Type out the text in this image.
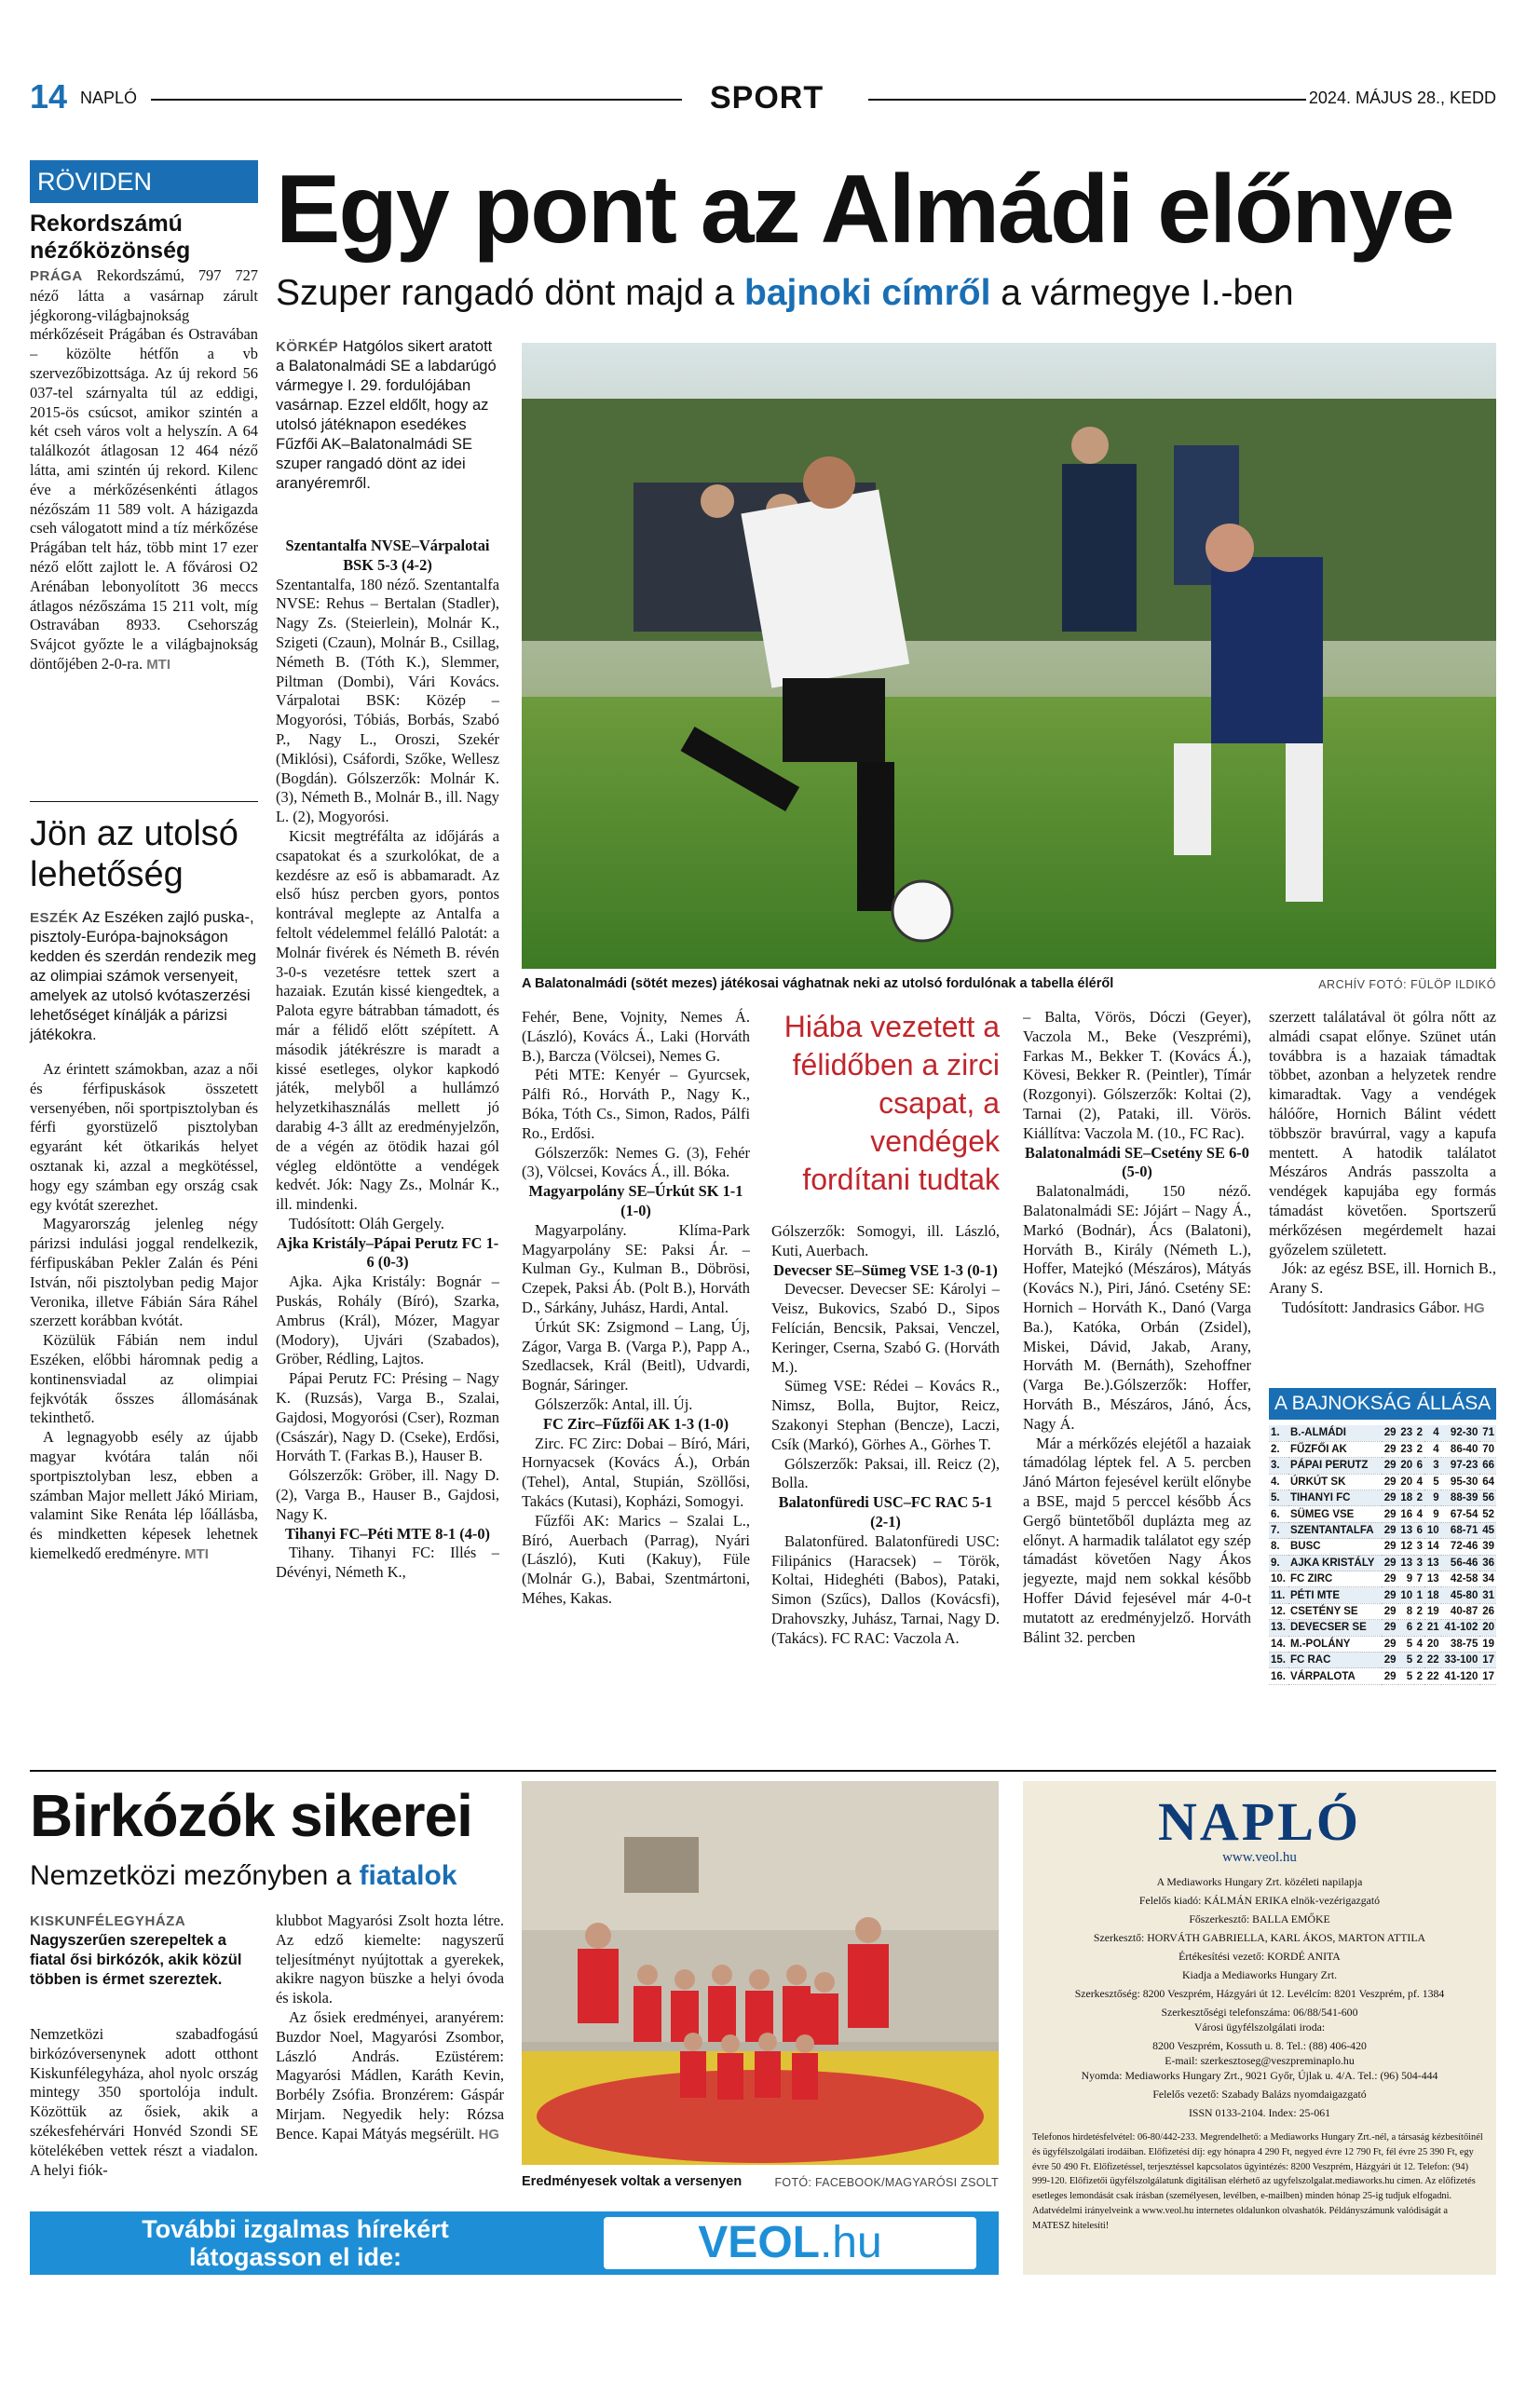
14 NAPLÓ	SPORT	2024. MÁJUS 28., KEDD
RÖVIDEN
Rekordszámú nézőközönség

PRÁGA Rekordszámú, 797 727 néző látta a vasárnap zárult jégkorong-világbajnokság mérkőzéseit Prágában és Ostravában – közölte hétfőn a vb szervezőbizottsága. Az új rekord 56 037-tel szárnyalta túl az eddigi, 2015-ös csúcsot, amikor szintén a két cseh város volt a helyszín. A 64 találkozót átlagosan 12 464 néző látta, ami szintén új rekord. Kilenc éve a mérkőzésenkénti átlagos nézőszám 11 589 volt. A házigazda cseh válogatott mind a tíz mérkőzése Prágában telt ház, több mint 17 ezer néző előtt zajlott le. A fővárosi O2 Arénában lebonyolított 36 meccs átlagos nézőszáma 15 211 volt, míg Ostravában 8933. Csehország Svájcot győzte le a világbajnokság döntőjében 2-0-ra. MTI

Jön az utolsó lehetőség
ESZÉK Az Eszéken zajló puska-, pisztoly-Európa-bajnokságon kedden és szerdán rendezik meg az olimpiai számok versenyeit, amelyek az utolsó kvótaszerzési lehetőséget kínálják a párizsi játékokra.

Az érintett számokban, azaz a női és férfipuskások összetett versenyében, női sportpisztolyban és férfi gyorstüzelő pisztolyban egyaránt két ötkarikás helyet osztanak ki, azzal a megkötéssel, hogy egy számban egy ország csak egy kvótát szerezhet.

Magyarország jelenleg négy párizsi indulási joggal rendelkezik, férfipuskában Pekler Zalán és Péni István, női pisztolyban pedig Major Veronika, illetve Fábián Sára Ráhel szerzett korábban kvótát.

Közülük Fábián nem indul Eszéken, előbbi háromnak pedig a kontinensviadal az olimpiai fejkvóták ősszes állomásának tekinthető.

A legnagyobb esély az újabb magyar kvótára talán női sportpisztolyban lesz, ebben a számban Major mellett Jákó Miriam, valamint Sike Renáta lép lőállásba, és mindketten képesek lehetnek kiemelkedő eredményre. MTI

Egy pont az Almádi előnye
Szuper rangadó dönt majd a bajnoki címről a vármegye I.-ben
KÖRKÉP Hatgólos sikert aratott a Balatonalmádi SE a labdarúgó vármegye I. 29. fordulójában vasárnap. Ezzel eldőlt, hogy az utolsó játéknapon esedékes Fűzfői AK–Balatonalmádi SE szuper rangadó dönt az idei aranyéremről.

Szentantalfa NVSE–Várpalotai BSK 5-3 (4-2)

Szentantalfa, 180 néző. Szentantalfa NVSE: Rehus – Bertalan (Stadler), Nagy Zs. (Steierlein), Molnár K., Szigeti (Czaun), Molnár B., Csillag, Németh B. (Tóth K.), Slemmer, Piltman (Dombi), Vári Kovács. Várpalotai BSK: Közép – Mogyorósi, Tóbiás, Borbás, Szabó P., Nagy L., Oroszi, Szekér (Miklósi), Csáfordi, Szőke, Wellesz (Bogdán). Gólszerzők: Molnár K. (3), Németh B., Molnár B., ill. Nagy L. (2), Mogyorósi.

Kicsit megtréfálta az időjárás a csapatokat és a szurkolókat, de a kezdésre az eső is abbamaradt. Az első húsz percben gyors, pontos kontrával meglepte az Antalfa a feltolt védelemmel felálló Palotát: a Molnár fivérek és Németh B. révén 3-0-s vezetésre tettek szert a hazaiak. Ezután kissé kiengedtek, a Palota egyre bátrabban támadott, és már a félidő előtt szépített. A második játékrészre is maradt a kissé esetleges, olykor kapkodó játék, melyből a hullámzó helyzetkihasználás mellett jó darabig 4-3 állt az eredményjelzőn, de a végén az ötödik hazai gól végleg eldöntötte a vendégek kedvét. Jók: Nagy Zs., Molnár K., ill. mindenki.

Tudósított: Oláh Gergely.

Ajka Kristály–Pápai Perutz FC 1-6 (0-3)

Ajka. Ajka Kristály: Bognár – Puskás, Rohály (Bíró), Szarka, Ambrus (Král), Mózer, Magyar (Modory), Ujvári (Szabados), Gröber, Rédling, Lajtos.

Pápai Perutz FC: Présing – Nagy K. (Ruzsás), Varga B., Szalai, Gajdosi, Mogyorósi (Cser), Rozman (Császár), Nagy D. (Cseke), Erdősi, Horváth T. (Farkas B.), Hauser B.

Gólszerzők: Gröber, ill. Nagy D. (2), Varga B., Hauser B., Gajdosi, Nagy K.

Tihanyi FC–Péti MTE 8-1 (4-0)

Tihany. Tihanyi FC: Illés – Dévényi, Németh K.,

A Balatonalmádi (sötét mezes) játékosai vághatnak neki az utolsó fordulónak a tabella éléről	ARCHÍV FOTÓ: FÜLÖP ILDIKÓ

Fehér, Bene, Vojnity, Nemes Á. (László), Kovács Á., Laki (Horváth B.), Barcza (Völcsei), Nemes G.

Péti MTE: Kenyér – Gyurcsek, Pálfi Ró., Horváth P., Nagy K., Bóka, Tóth Cs., Simon, Rados, Pálfi Ro., Erdősi.

Gólszerzők: Nemes G. (3), Fehér (3), Völcsei, Kovács Á., ill. Bóka.

Magyarpolány SE–Úrkút SK 1-1 (1-0)

Magyarpolány. Klíma-Park Magyarpolány SE: Paksi Ár. – Kulman Gy., Kulman B., Döbrösi, Czepek, Paksi Áb. (Polt B.), Horváth D., Sárkány, Juhász, Hardi, Antal.

Úrkút SK: Zsigmond – Lang, Új, Zágor, Varga B. (Varga P.), Papp A., Szedlacsek, Král (Beitl), Udvardi, Bognár, Sáringer.

Gólszerzők: Antal, ill. Új.

FC Zirc–Fűzfői AK 1-3 (1-0)

Zirc. FC Zirc: Dobai – Bíró, Mári, Hornyacsek (Kovács Á.), Orbán (Tehel), Antal, Stupián, Szöllősi, Takács (Kutasi), Kopházi, Somogyi.

Fűzfői AK: Marics – Szalai L., Bíró, Auerbach (Parrag), Nyári (László), Kuti (Kakuy), Füle (Molnár G.), Babai, Szentmártoni, Méhes, Kakas.

Hiába vezetett a félidőben a zirci csapat, a vendégek fordítani tudtak

Gólszerzők: Somogyi, ill. László, Kuti, Auerbach.

Devecser SE–Sümeg VSE 1-3 (0-1)

Devecser. Devecser SE: Károlyi – Veisz, Bukovics, Szabó D., Sipos Felícián, Bencsik, Paksai, Venczel, Keringer, Cserna, Szabó G. (Horváth M.).

Sümeg VSE: Rédei – Kovács R., Nimsz, Bolla, Bujtor, Reicz, Szakonyi Stephan (Bencze), Laczi, Csík (Markó), Görhes A., Görhes T.

Gólszerzők: Paksai, ill. Reicz (2), Bolla.

Balatonfüredi USC–FC RAC 5-1 (2-1)

Balatonfüred. Balatonfüredi USC: Filipánics (Haracsek) – Török, Koltai, Hideghéti (Babos), Pataki, Simon (Szűcs), Dallos (Kovácsfi), Drahovszky, Juhász, Tarnai, Nagy D. (Takács). FC RAC: Vaczola A.

– Balta, Vörös, Dóczi (Geyer), Vaczola M., Beke (Veszprémi), Farkas M., Bekker T. (Kovács Á.), Kövesi, Bekker R. (Peintler), Tímár (Rozgonyi). Gólszerzők: Koltai (2), Tarnai (2), Pataki, ill. Vörös. Kiállítva: Vaczola M. (10., FC Rac).

Balatonalmádi SE–Csetény SE 6-0 (5-0)

Balatonalmádi, 150 néző. Balatonalmádi SE: Jójárt – Nagy Á., Markó (Bodnár), Ács (Balatoni), Horváth B., Király (Németh L.), Hoffer, Matejkó (Mészáros), Mátyás (Kovács N.), Piri, Jánó. Csetény SE: Hornich – Horváth K., Danó (Varga Ba.), Katóka, Orbán (Zsidel), Miskei, Dávid, Jakab, Arany, Horváth M. (Bernáth), Szehoffner (Varga Be.).Gólszerzők: Hoffer, Horváth B., Mészáros, Jánó, Ács, Nagy Á.

Már a mérkőzés elejétől a hazaiak támadólag léptek fel. A 5. percben Jánó Márton fejesével került előnybe a BSE, majd 5 perccel később Ács Gergő büntetőből duplázta meg az előnyt. A harmadik találatot egy szép támadást követően Nagy Ákos jegyezte, majd nem sokkal később Hoffer Dávid fejesével már 4-0-t mutatott az eredményjelző. Horváth Bálint 32. percben

szerzett találatával öt gólra nőtt az almádi csapat előnye. Szünet után továbbra is a hazaiak támadtak többet, azonban a helyzetek rendre kimaradtak. Vagy a vendégek hálóőre, Hornich Bálint védett többször bravúrral, vagy a kapufa mentett. A hatodik találatot Mészáros András passzolta a vendégek kapujába egy formás támadást követően. Sportszerű mérkőzésen megérdemelt hazai győzelem született.

Jók: az egész BSE, ill. Hornich B., Arany S.

Tudósított: Jandrasics Gábor. HG

A BAJNOKSÁG ÁLLÁSA
1.	B.-ALMÁDI	29	23	2	4	92-30	71
2.	FŰZFŐI AK	29	23	2	4	86-40	70
3.	PÁPAI PERUTZ	29	20	6	3	97-23	66
4.	ÚRKÚT SK	29	20	4	5	95-30	64
5.	TIHANYI FC	29	18	2	9	88-39	56
6.	SÜMEG VSE	29	16	4	9	67-54	52
7.	SZENTANTALFA	29	13	6	10	68-71	45
8.	BUSC	29	12	3	14	72-46	39
9.	AJKA KRISTÁLY	29	13	3	13	56-46	36
10.	FC ZIRC	29	9	7	13	42-58	34
11.	PÉTI MTE	29	10	1	18	45-80	31
12.	CSETÉNY SE	29	8	2	19	40-87	26
13.	DEVECSER SE	29	6	2	21	41-102	20
14.	M.-POLÁNY	29	5	4	20	38-75	19
15.	FC RAC	29	5	2	22	33-100	17
16.	VÁRPALOTA	29	5	2	22	41-120	17
Birkózók sikerei
Nemzetközi mezőnyben a fiatalok
KISKUNFÉLEGYHÁZA
Nagyszerűen szerepeltek a fiatal ősi birkózók, akik közül többen is érmet szereztek.

Nemzetközi szabadfogású birkózóversenynek adott otthont Kiskunfélegyháza, ahol nyolc ország mintegy 350 sportolója indult. Közöttük az ősiek, akik a székesfehérvári Honvéd Szondi SE kötelékében vettek részt a viadalon. A helyi fiók-

klubbot Magyarósi Zsolt hozta létre. Az edző kiemelte: nagyszerű teljesítményt nyújtottak a gyerekek, akikre nagyon büszke a helyi óvoda és iskola.

Az ősiek eredményei, aranyérem: Buzdor Noel, Magyarósi Zsombor, László András. Ezüstérem: Magyarósi Mádlen, Karáth Kevin, Borbély Zsófia. Bronzérem: Gáspár Mirjam. Negyedik hely: Rózsa Bence. Kapai Mátyás megsérült. HG

Eredményesek voltak a versenyen	FOTÓ: FACEBOOK/MAGYARÓSI ZSOLT
NAPLÓ
www.veol.hu

A Mediaworks Hungary Zrt. közéleti napilapja

Felelős kiadó: KÁLMÁN ERIKA elnök-vezérigazgató

Főszerkesztő: BALLA EMŐKE

Szerkesztő: HORVÁTH GABRIELLA, KARL ÁKOS, MARTON ATTILA

Értékesítési vezető: KORDÉ ANITA

Kiadja a Mediaworks Hungary Zrt.

Szerkesztőség: 8200 Veszprém, Házgyári út 12. Levélcím: 8201 Veszprém, pf. 1384

Szerkesztőségi telefonszáma: 06/88/541-600

Városi ügyfélszolgálati iroda:

8200 Veszprém, Kossuth u. 8. Tel.: (88) 406-420

E-mail: szerkesztoseg@veszpreminaplo.hu

Nyomda: Mediaworks Hungary Zrt., 9021 Győr, Újlak u. 4/A. Tel.: (96) 504-444

Felelős vezető: Szabady Balázs nyomdaigazgató

ISSN 0133-2104. Index: 25-061

Telefonos hirdetésfelvétel: 06-80/442-233. Megrendelhető: a Mediaworks Hungary Zrt.-nél, a társaság kézbesítőinél és ügyfélszolgálati irodáiban. Előfizetési díj: egy hónapra 4 290 Ft, negyed évre 12 790 Ft, fél évre 25 390 Ft, egy évre 50 490 Ft. Előfizetéssel, terjesztéssel kapcsolatos ügyintézés: 8200 Veszprém, Házgyári út 12. Telefon: (94) 999-120. Előfizetői ügyfélszolgálatunk digitálisan elérhető az ugyfelszolgalat.mediaworks.hu címen. Az előfizetés esetleges lemondását csak írásban (személyesen, levélben, e-mailben) minden hónap 25-ig tudjuk elfogadni. Adatvédelmi irányelveink a www.veol.hu internetes oldalunkon olvashatók. Példányszámunk valódiságát a MATESZ hitelesíti!
További izgalmas hírekért
látogasson el ide:	VEOL.hu
